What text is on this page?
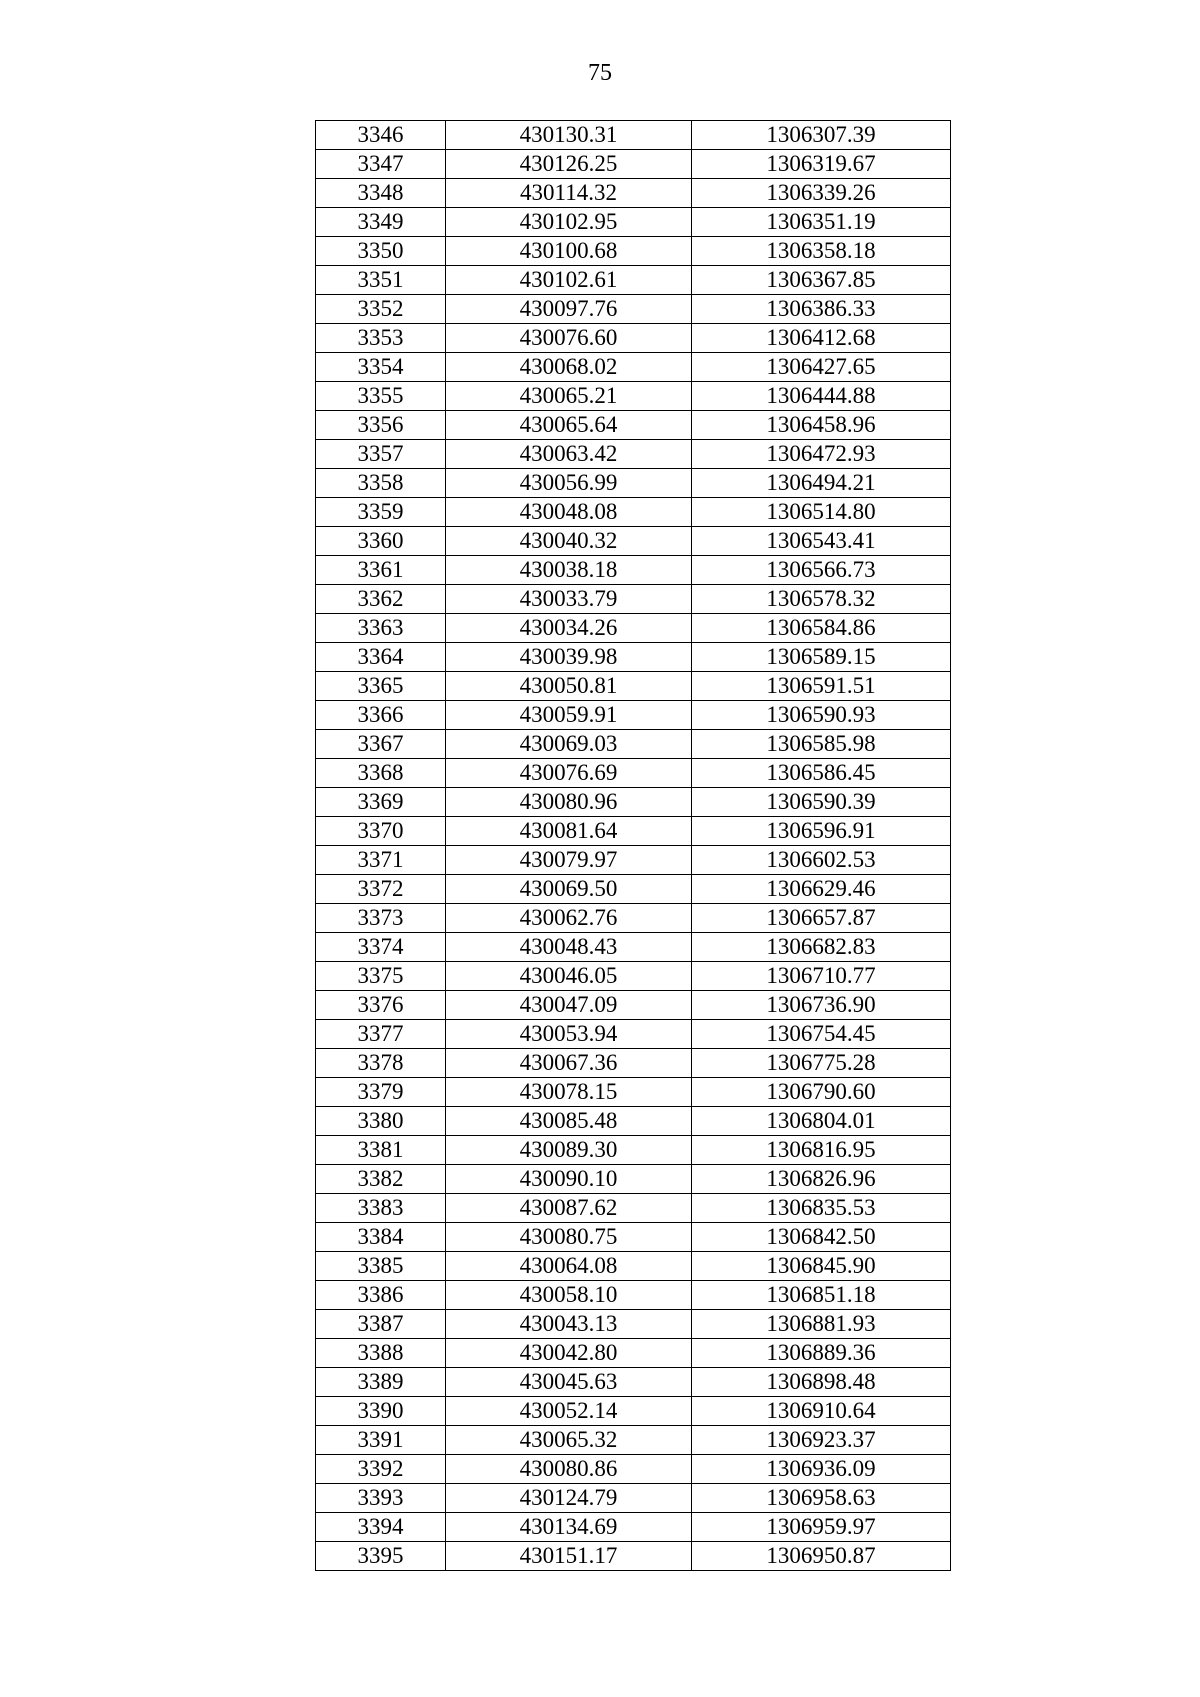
75
3346	430130.31	1306307.39
3347	430126.25	1306319.67
3348	430114.32	1306339.26
3349	430102.95	1306351.19
3350	430100.68	1306358.18
3351	430102.61	1306367.85
3352	430097.76	1306386.33
3353	430076.60	1306412.68
3354	430068.02	1306427.65
3355	430065.21	1306444.88
3356	430065.64	1306458.96
3357	430063.42	1306472.93
3358	430056.99	1306494.21
3359	430048.08	1306514.80
3360	430040.32	1306543.41
3361	430038.18	1306566.73
3362	430033.79	1306578.32
3363	430034.26	1306584.86
3364	430039.98	1306589.15
3365	430050.81	1306591.51
3366	430059.91	1306590.93
3367	430069.03	1306585.98
3368	430076.69	1306586.45
3369	430080.96	1306590.39
3370	430081.64	1306596.91
3371	430079.97	1306602.53
3372	430069.50	1306629.46
3373	430062.76	1306657.87
3374	430048.43	1306682.83
3375	430046.05	1306710.77
3376	430047.09	1306736.90
3377	430053.94	1306754.45
3378	430067.36	1306775.28
3379	430078.15	1306790.60
3380	430085.48	1306804.01
3381	430089.30	1306816.95
3382	430090.10	1306826.96
3383	430087.62	1306835.53
3384	430080.75	1306842.50
3385	430064.08	1306845.90
3386	430058.10	1306851.18
3387	430043.13	1306881.93
3388	430042.80	1306889.36
3389	430045.63	1306898.48
3390	430052.14	1306910.64
3391	430065.32	1306923.37
3392	430080.86	1306936.09
3393	430124.79	1306958.63
3394	430134.69	1306959.97
3395	430151.17	1306950.87
